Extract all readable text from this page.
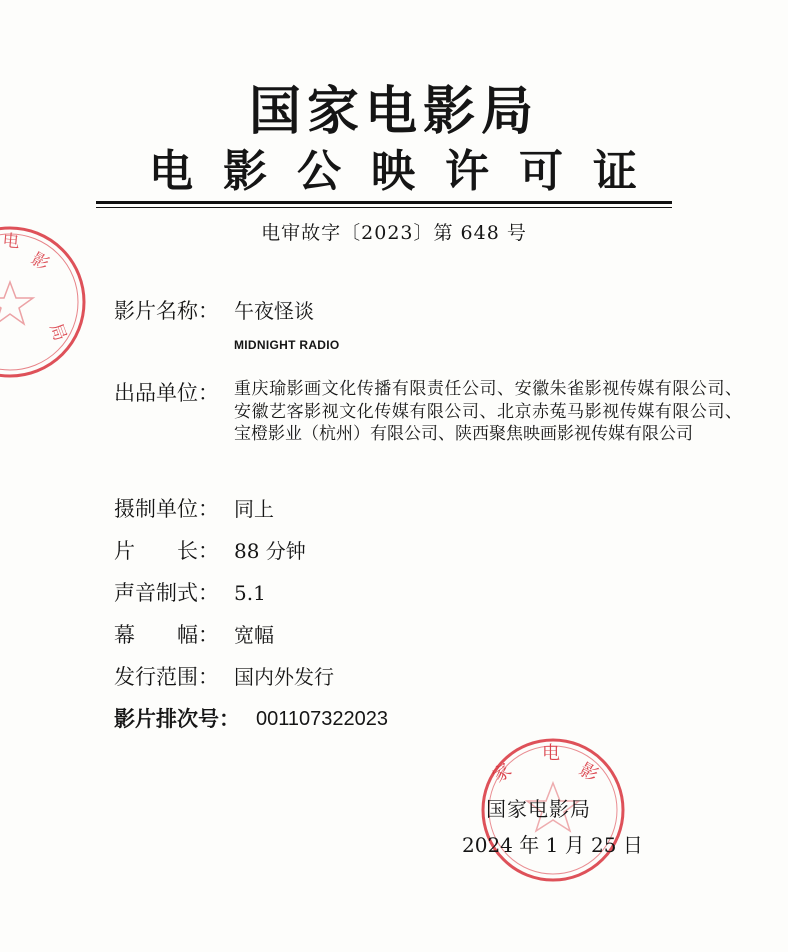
影
局
电
国家电影局
电影公映许可证
电审故字〔2023〕第 648 号
影片名称： 午夜怪谈
MIDNIGHT RADIO
出品单位： 重庆瑜影画文化传播有限责任公司、安徽朱雀影视传媒有限公司、安徽艺客影视文化传媒有限公司、北京赤菟马影视传媒有限公司、宝橙影业（杭州）有限公司、陕西聚焦映画影视传媒有限公司
摄制单位： 同上
片　　长： 88 分钟
声音制式： 5.1
幕　　幅： 宽幅
发行范围： 国内外发行
影片排次号： 001107322023
电
影
家
国家电影局
2024 年 1 月 25 日
